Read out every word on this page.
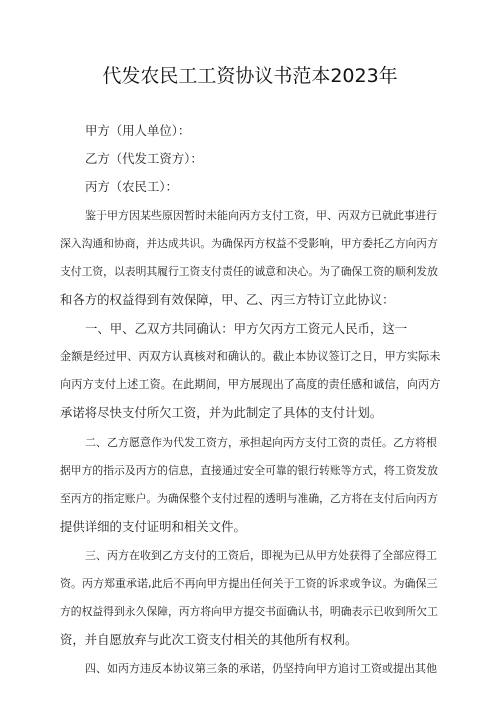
代发农民工工资协议书范本2023年
甲方（用人单位）：
乙方（代发工资方）：
丙方（农民工）：
鉴于甲方因某些原因暂时未能向丙方支付工资，甲、丙双方已就此事进行
深入沟通和协商，并达成共识。为确保丙方权益不受影响，甲方委托乙方向丙方
支付工资，以表明其履行工资支付责任的诚意和决心。为了确保工资的顺利发放
和各方的权益得到有效保障，甲、乙、丙三方特订立此协议：
一、甲、乙双方共同确认：甲方欠丙方工资元人民币，这一
金额是经过甲、丙双方认真核对和确认的。截止本协议签订之日，甲方实际未
向丙方支付上述工资。在此期间，甲方展现出了高度的责任感和诚信，向丙方
承诺将尽快支付所欠工资，并为此制定了具体的支付计划。
二、乙方愿意作为代发工资方，承担起向丙方支付工资的责任。乙方将根
据甲方的指示及丙方的信息，直接通过安全可靠的银行转账等方式，将工资发放
至丙方的指定账户。为确保整个支付过程的透明与准确，乙方将在支付后向丙方
提供详细的支付证明和相关文件。
三、丙方在收到乙方支付的工资后，即视为已从甲方处获得了全部应得工
资。丙方郑重承诺,此后不再向甲方提出任何关于工资的诉求或争议。为确保三
方的权益得到永久保障，丙方将向甲方提交书面确认书，明确表示已收到所欠工
资，并自愿放弃与此次工资支付相关的其他所有权利。
四、如丙方违反本协议第三条的承诺，仍坚持向甲方追讨工资或提出其他
